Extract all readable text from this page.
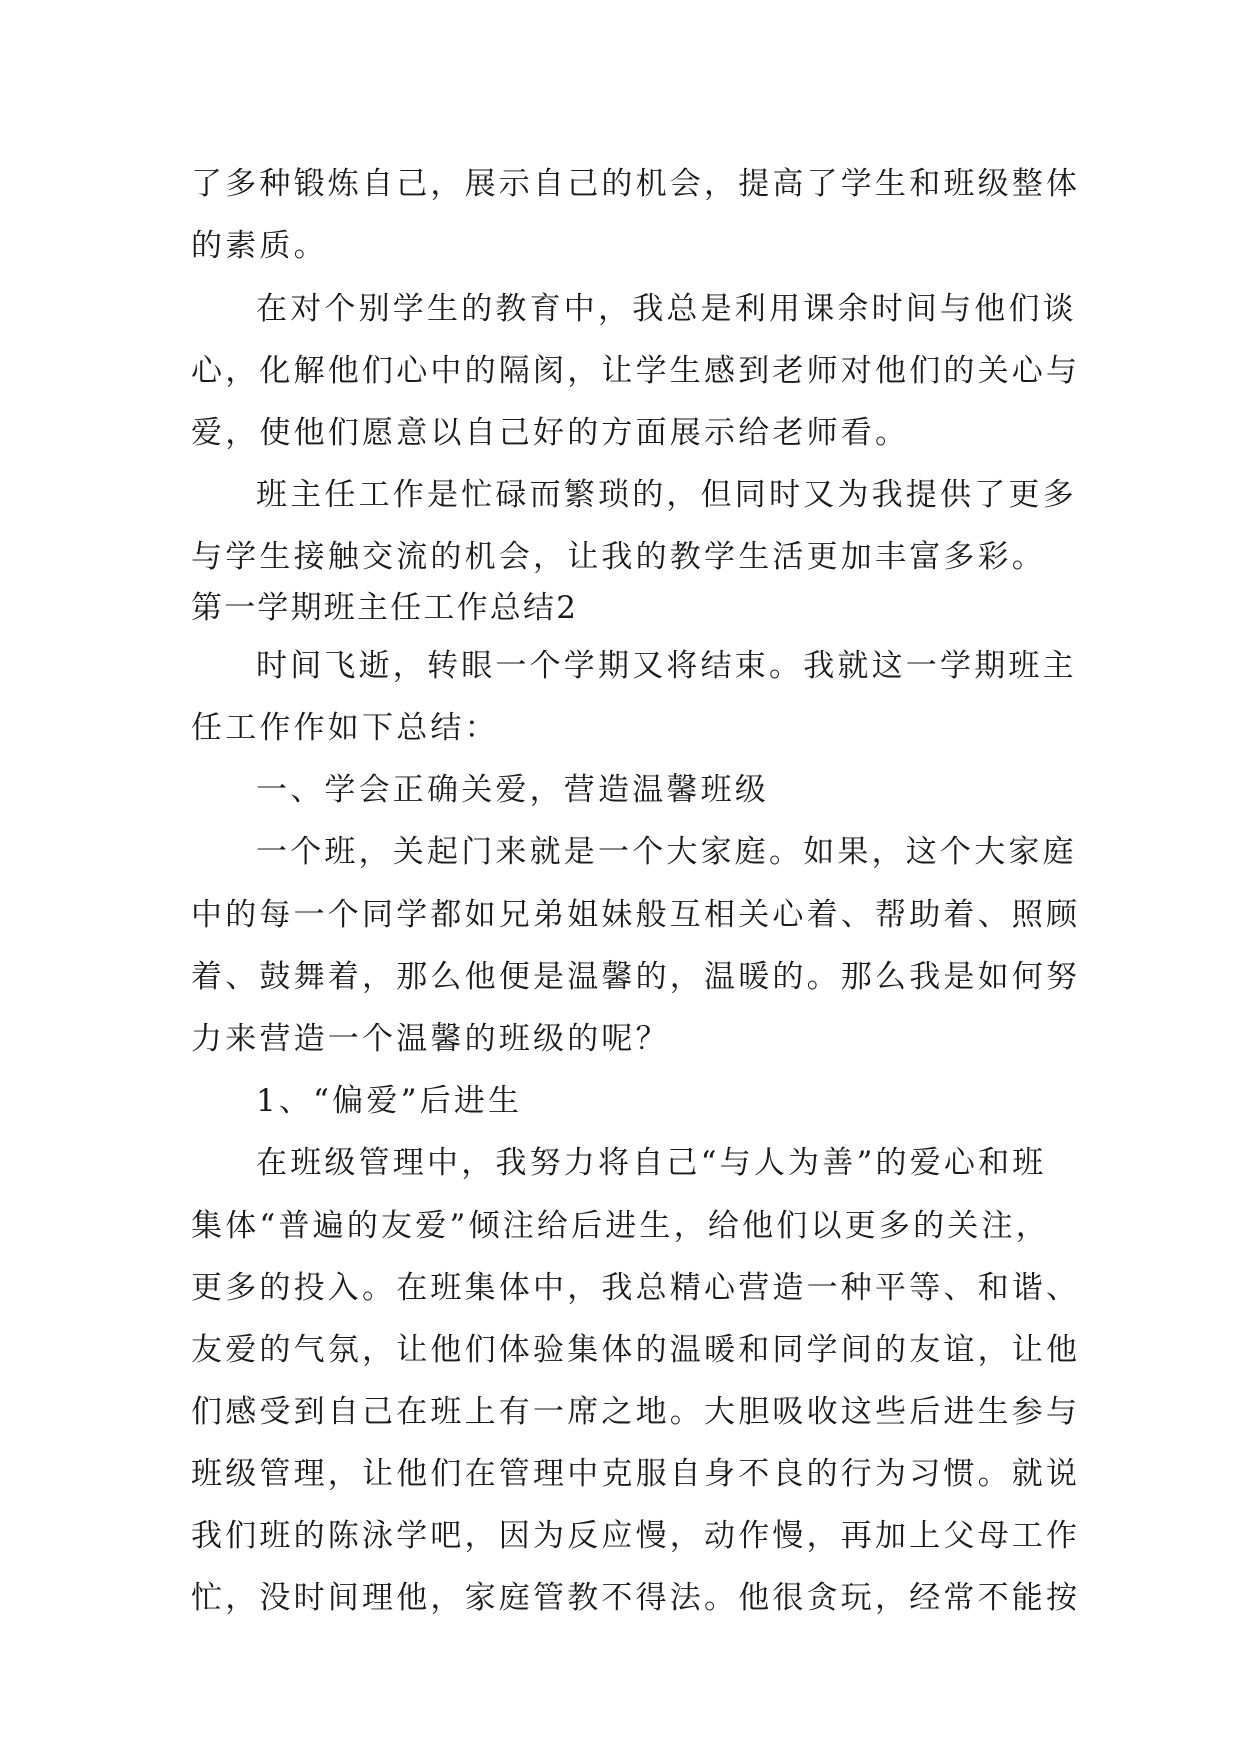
了多种锻炼自己，展示自己的机会，提高了学生和班级整体
的素质。
在对个别学生的教育中，我总是利用课余时间与他们谈
心，化解他们心中的隔阂，让学生感到老师对他们的关心与
爱，使他们愿意以自己好的方面展示给老师看。
班主任工作是忙碌而繁琐的，但同时又为我提供了更多
与学生接触交流的机会，让我的教学生活更加丰富多彩。
第一学期班主任工作总结2
时间飞逝，转眼一个学期又将结束。我就这一学期班主
任工作作如下总结：
一、学会正确关爱，营造温馨班级
一个班，关起门来就是一个大家庭。如果，这个大家庭
中的每一个同学都如兄弟姐妹般互相关心着、帮助着、照顾
着、鼓舞着，那么他便是温馨的，温暖的。那么我是如何努
力来营造一个温馨的班级的呢？
1、“偏爱”后进生
在班级管理中，我努力将自己“与人为善”的爱心和班
集体“普遍的友爱”倾注给后进生，给他们以更多的关注，
更多的投入。在班集体中，我总精心营造一种平等、和谐、
友爱的气氛，让他们体验集体的温暖和同学间的友谊，让他
们感受到自己在班上有一席之地。大胆吸收这些后进生参与
班级管理，让他们在管理中克服自身不良的行为习惯。就说
我们班的陈泳学吧，因为反应慢，动作慢，再加上父母工作
忙，没时间理他，家庭管教不得法。他很贪玩，经常不能按
